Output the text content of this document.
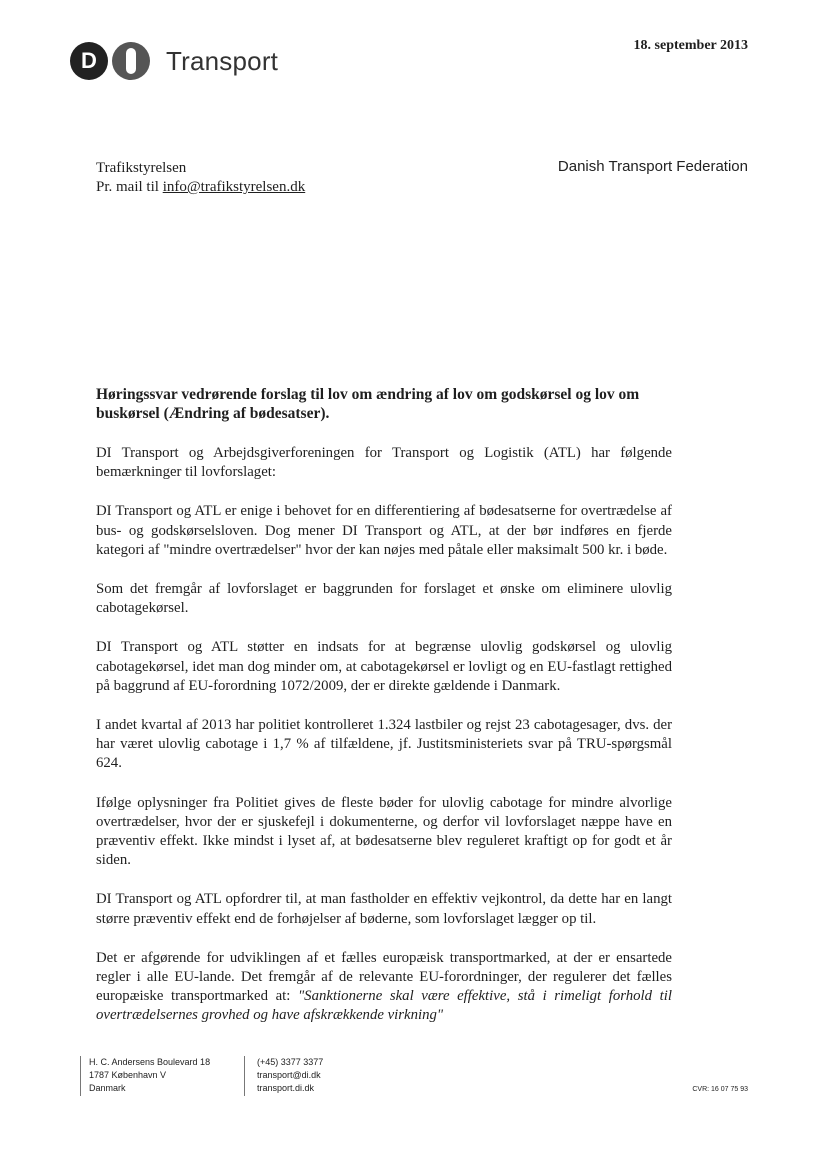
D	Transport	18. september 2013
Trafikstyrelsen
Pr. mail til info@trafikstyrelsen.dk
Danish Transport Federation
Høringssvar vedrørende forslag til lov om ændring af lov om godskørsel og lov om buskørsel (Ændring af bødesatser).

DI Transport og Arbejdsgiverforeningen for Transport og Logistik (ATL) har følgende bemærkninger til lovforslaget:

DI Transport og ATL er enige i behovet for en differentiering af bødesatserne for overtrædelse af bus- og godskørselsloven. Dog mener DI Transport og ATL, at der bør indføres en fjerde kategori af "mindre overtrædelser" hvor der kan nøjes med påtale eller maksimalt 500 kr. i bøde.

Som det fremgår af lovforslaget er baggrunden for forslaget et ønske om eliminere ulovlig cabotagekørsel.

DI Transport og ATL støtter en indsats for at begrænse ulovlig godskørsel og ulovlig cabotagekørsel, idet man dog minder om, at cabotagekørsel er lovligt og en EU-fastlagt rettighed på baggrund af EU-forordning 1072/2009, der er direkte gældende i Danmark.

I andet kvartal af 2013 har politiet kontrolleret 1.324 lastbiler og rejst 23 cabotagesager, dvs. der har været ulovlig cabotage i 1,7 % af tilfældene, jf. Justitsministeriets svar på TRU-spørgsmål 624.

Ifølge oplysninger fra Politiet gives de fleste bøder for ulovlig cabotage for mindre alvorlige overtrædelser, hvor der er sjuskefejl i dokumenterne, og derfor vil lovforslaget næppe have en præventiv effekt. Ikke mindst i lyset af, at bødesatserne blev reguleret kraftigt op for godt et år siden.

DI Transport og ATL opfordrer til, at man fastholder en effektiv vejkontrol, da dette har en langt større præventiv effekt end de forhøjelser af bøderne, som lovforslaget lægger op til.

Det er afgørende for udviklingen af et fælles europæisk transportmarked, at der er ensartede regler i alle EU-lande. Det fremgår af de relevante EU-forordninger, der regulerer det fælles europæiske transportmarked at: "Sanktionerne skal være effektive, stå i rimeligt forhold til overtrædelsernes grovhed og have afskrækkende virkning"

H. C. Andersens Boulevard 18
1787 København V
Danmark
(+45) 3377 3377
transport@di.dk
transport.di.dk	CVR: 16 07 75 93
